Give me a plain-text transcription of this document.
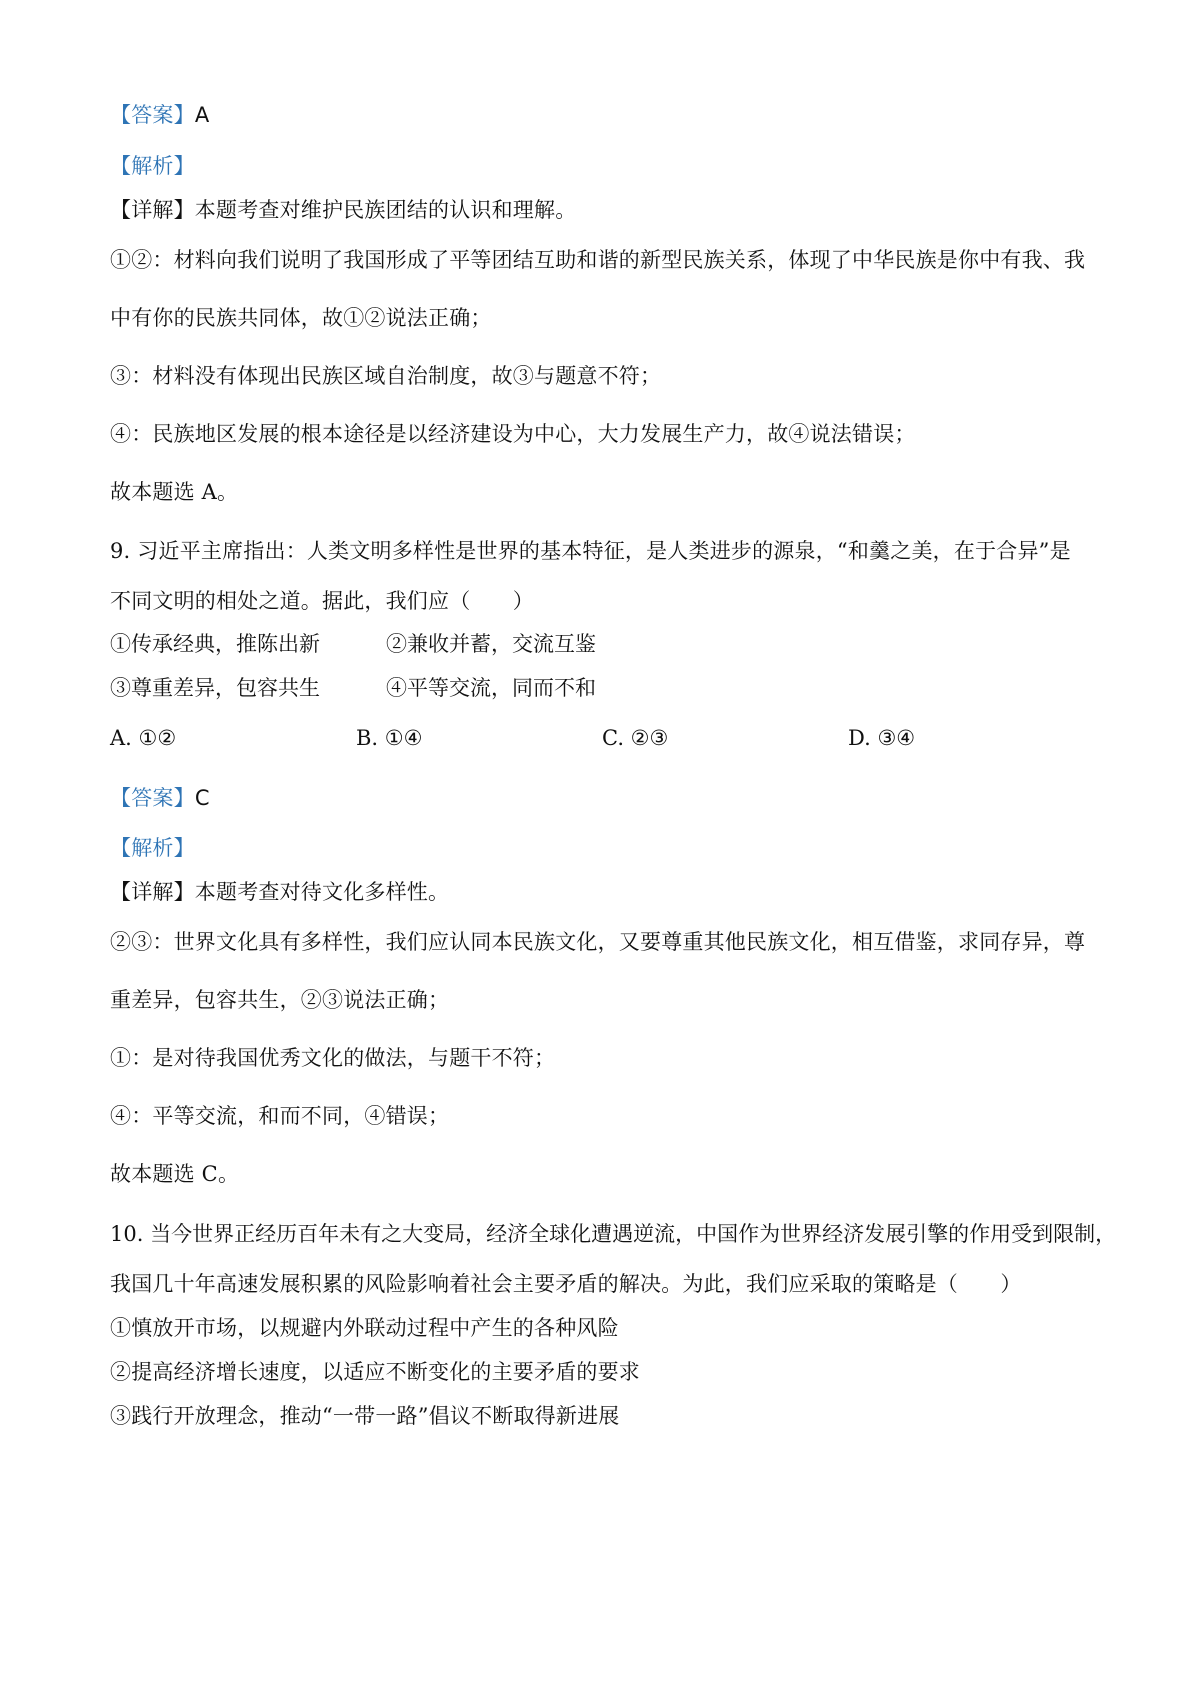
【答案】A
【解析】
【详解】本题考查对维护民族团结的认识和理解。
①②：材料向我们说明了我国形成了平等团结互助和谐的新型民族关系，体现了中华民族是你中有我、我
中有你的民族共同体，故①②说法正确；
③：材料没有体现出民族区域自治制度，故③与题意不符；
④：民族地区发展的根本途径是以经济建设为中心，大力发展生产力，故④说法错误；
故本题选 A。
9. 习近平主席指出：人类文明多样性是世界的基本特征，是人类进步的源泉，“和羹之美，在于合异”是
不同文明的相处之道。据此，我们应（　　）
①传承经典，推陈出新	②兼收并蓄，交流互鉴
③尊重差异，包容共生	④平等交流，同而不和
A. ①②	B. ①④	C. ②③	D. ③④
【答案】C
【解析】
【详解】本题考查对待文化多样性。
②③：世界文化具有多样性，我们应认同本民族文化，又要尊重其他民族文化，相互借鉴，求同存异，尊
重差异，包容共生，②③说法正确；
①：是对待我国优秀文化的做法，与题干不符；
④：平等交流，和而不同，④错误；
故本题选 C。
10. 当今世界正经历百年未有之大变局，经济全球化遭遇逆流，中国作为世界经济发展引擎的作用受到限制，
我国几十年高速发展积累的风险影响着社会主要矛盾的解决。为此，我们应采取的策略是（　　）
①慎放开市场，以规避内外联动过程中产生的各种风险
②提高经济增长速度，以适应不断变化的主要矛盾的要求
③践行开放理念，推动“一带一路”倡议不断取得新进展
